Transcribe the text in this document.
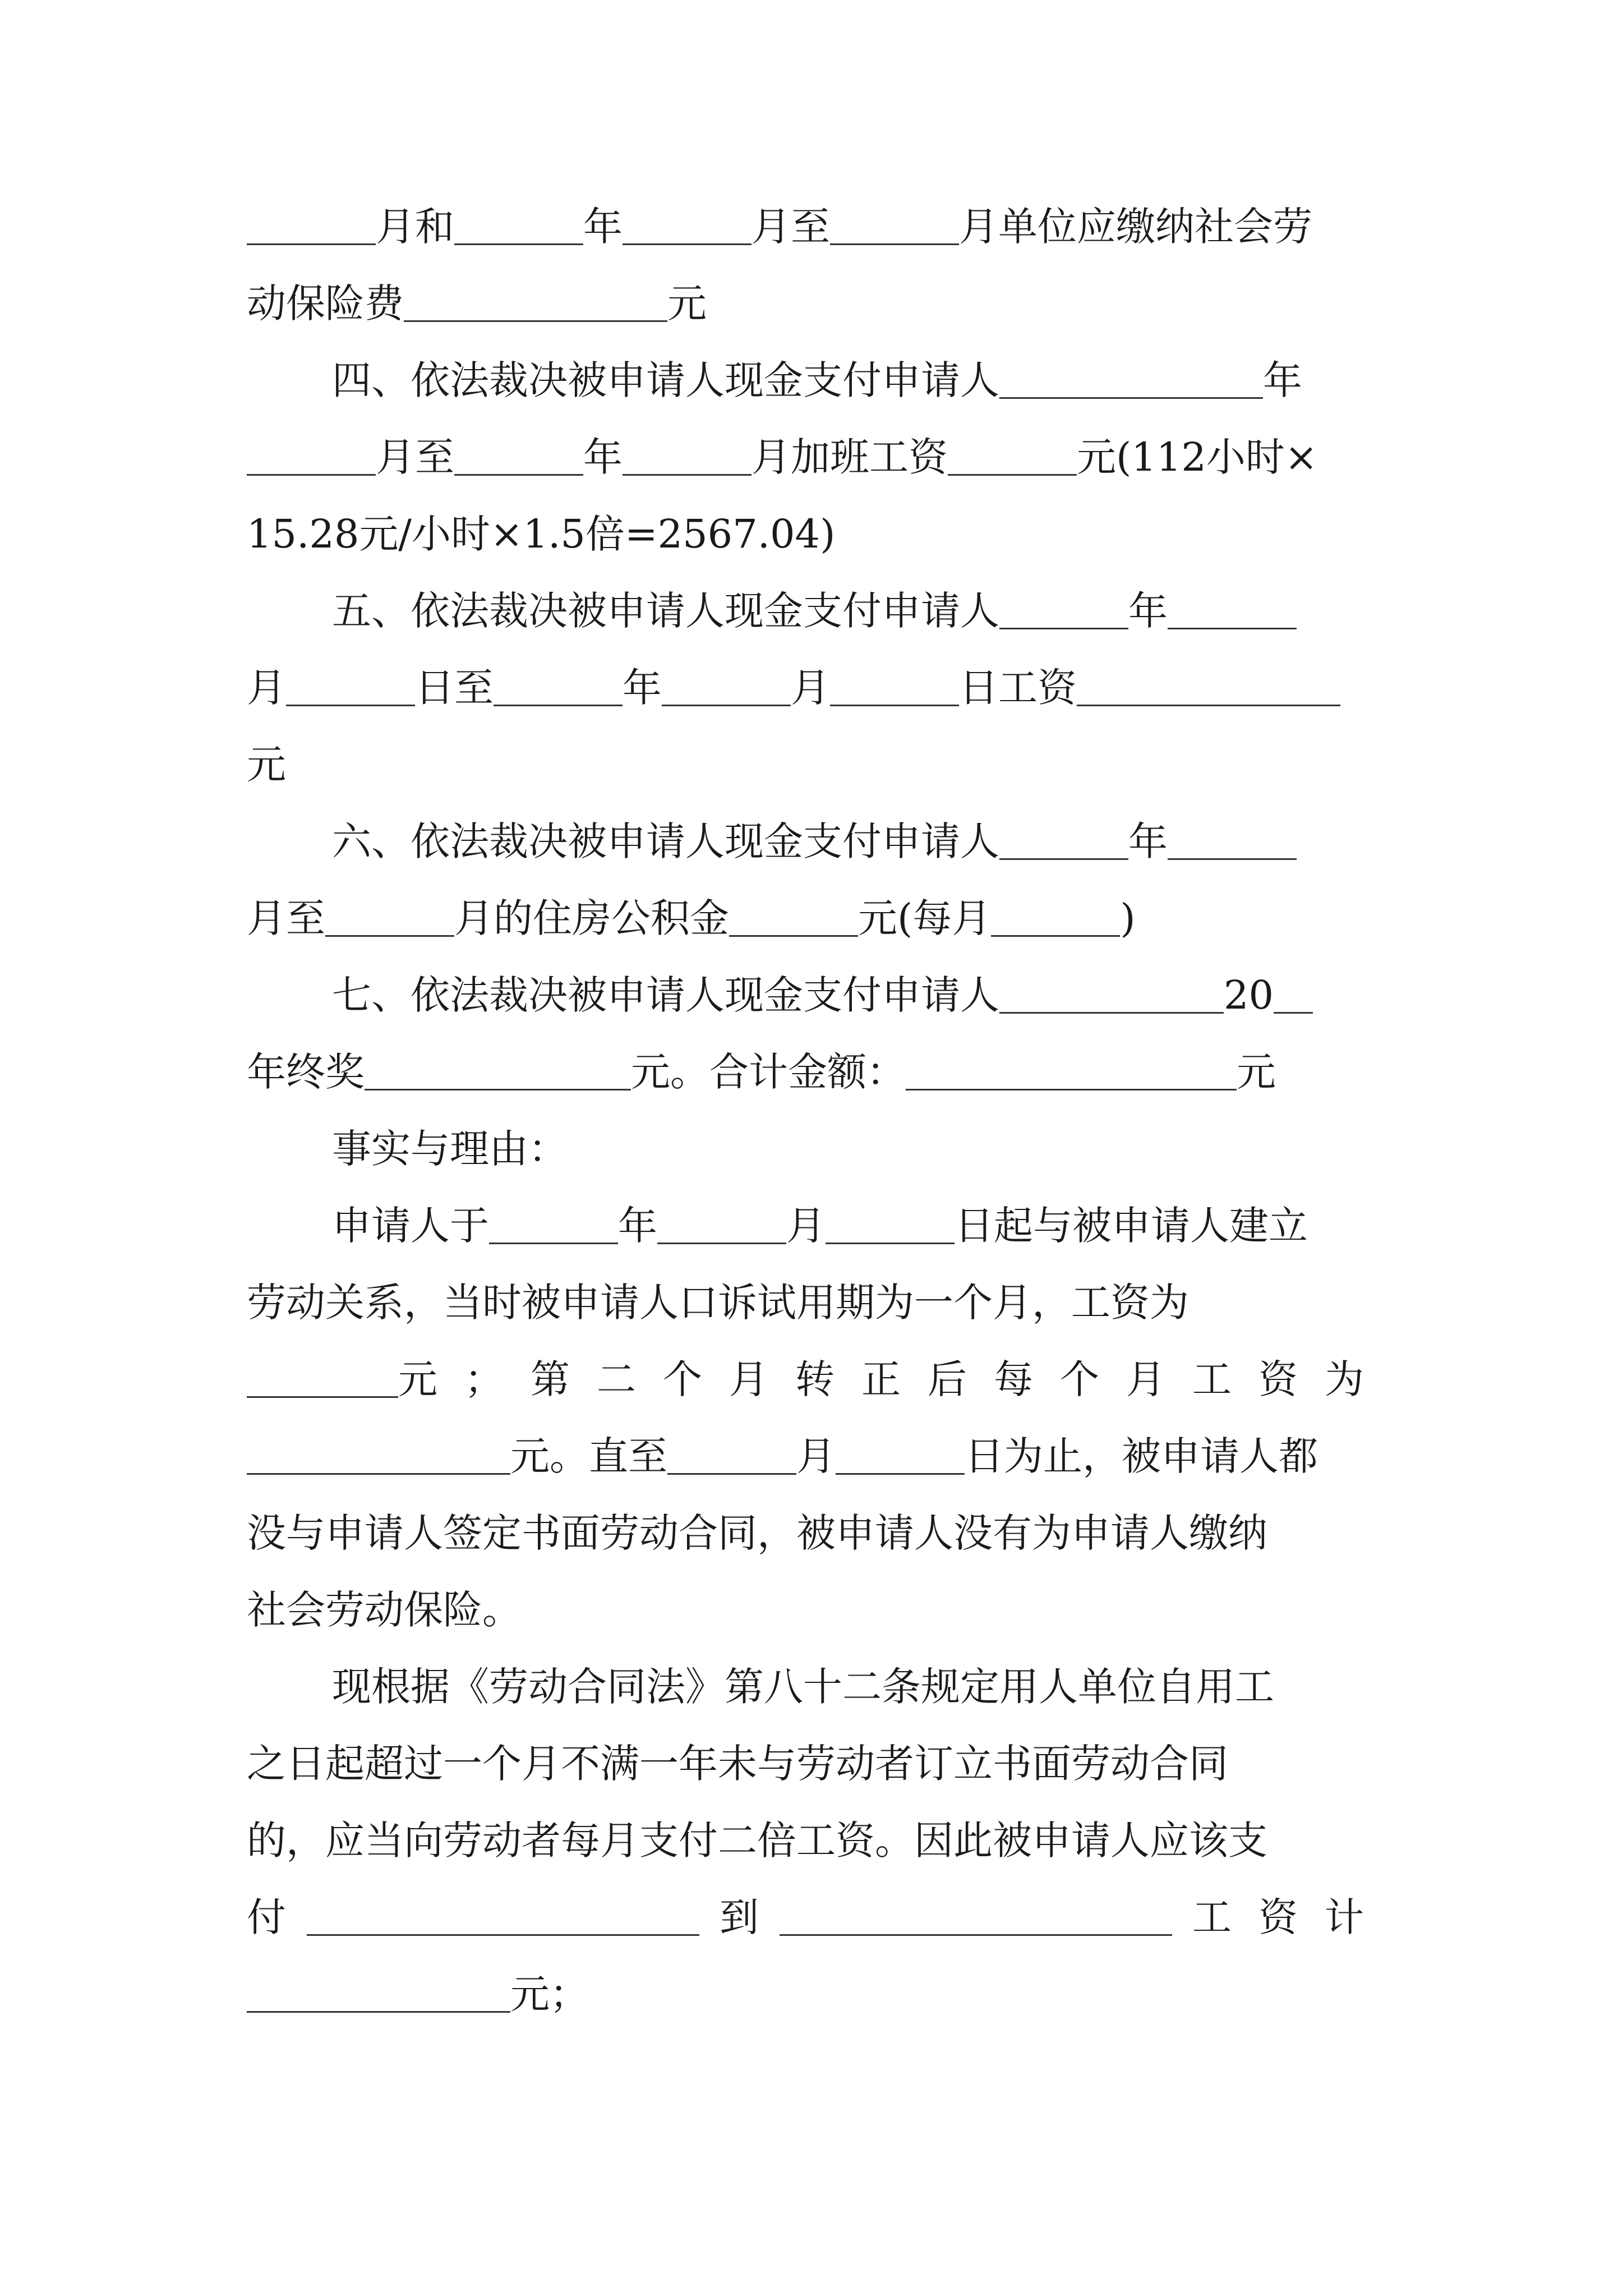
月和	年	月至	月单位应缴纳社会劳
动保险费	元
四、依法裁决被申请人现金支付申请人	年
月至	年	月加班工资	元(112小时×
15.28元/小时×1.5倍=2567.04)
五、依法裁决被申请人现金支付申请人	年
月	日至	年	月	日工资
元
六、依法裁决被申请人现金支付申请人	年
月至	月的住房公积金	元(每月	)
七、依法裁决被申请人现金支付申请人	20
年终奖	元。合计金额：	元
事实与理由：
申请人于	年	月	日起与被申请人建立
劳动关系，当时被申请人口诉试用期为一个月，工资为
元；第二个月转正后每个月工资为
元。直至	月	日为止，被申请人都
没与申请人签定书面劳动合同，被申请人没有为申请人缴纳
社会劳动保险。
现根据《劳动合同法》第八十二条规定用人单位自用工
之日起超过一个月不满一年未与劳动者订立书面劳动合同
的，应当向劳动者每月支付二倍工资。因此被申请人应该支
付	到	工资计
元；
